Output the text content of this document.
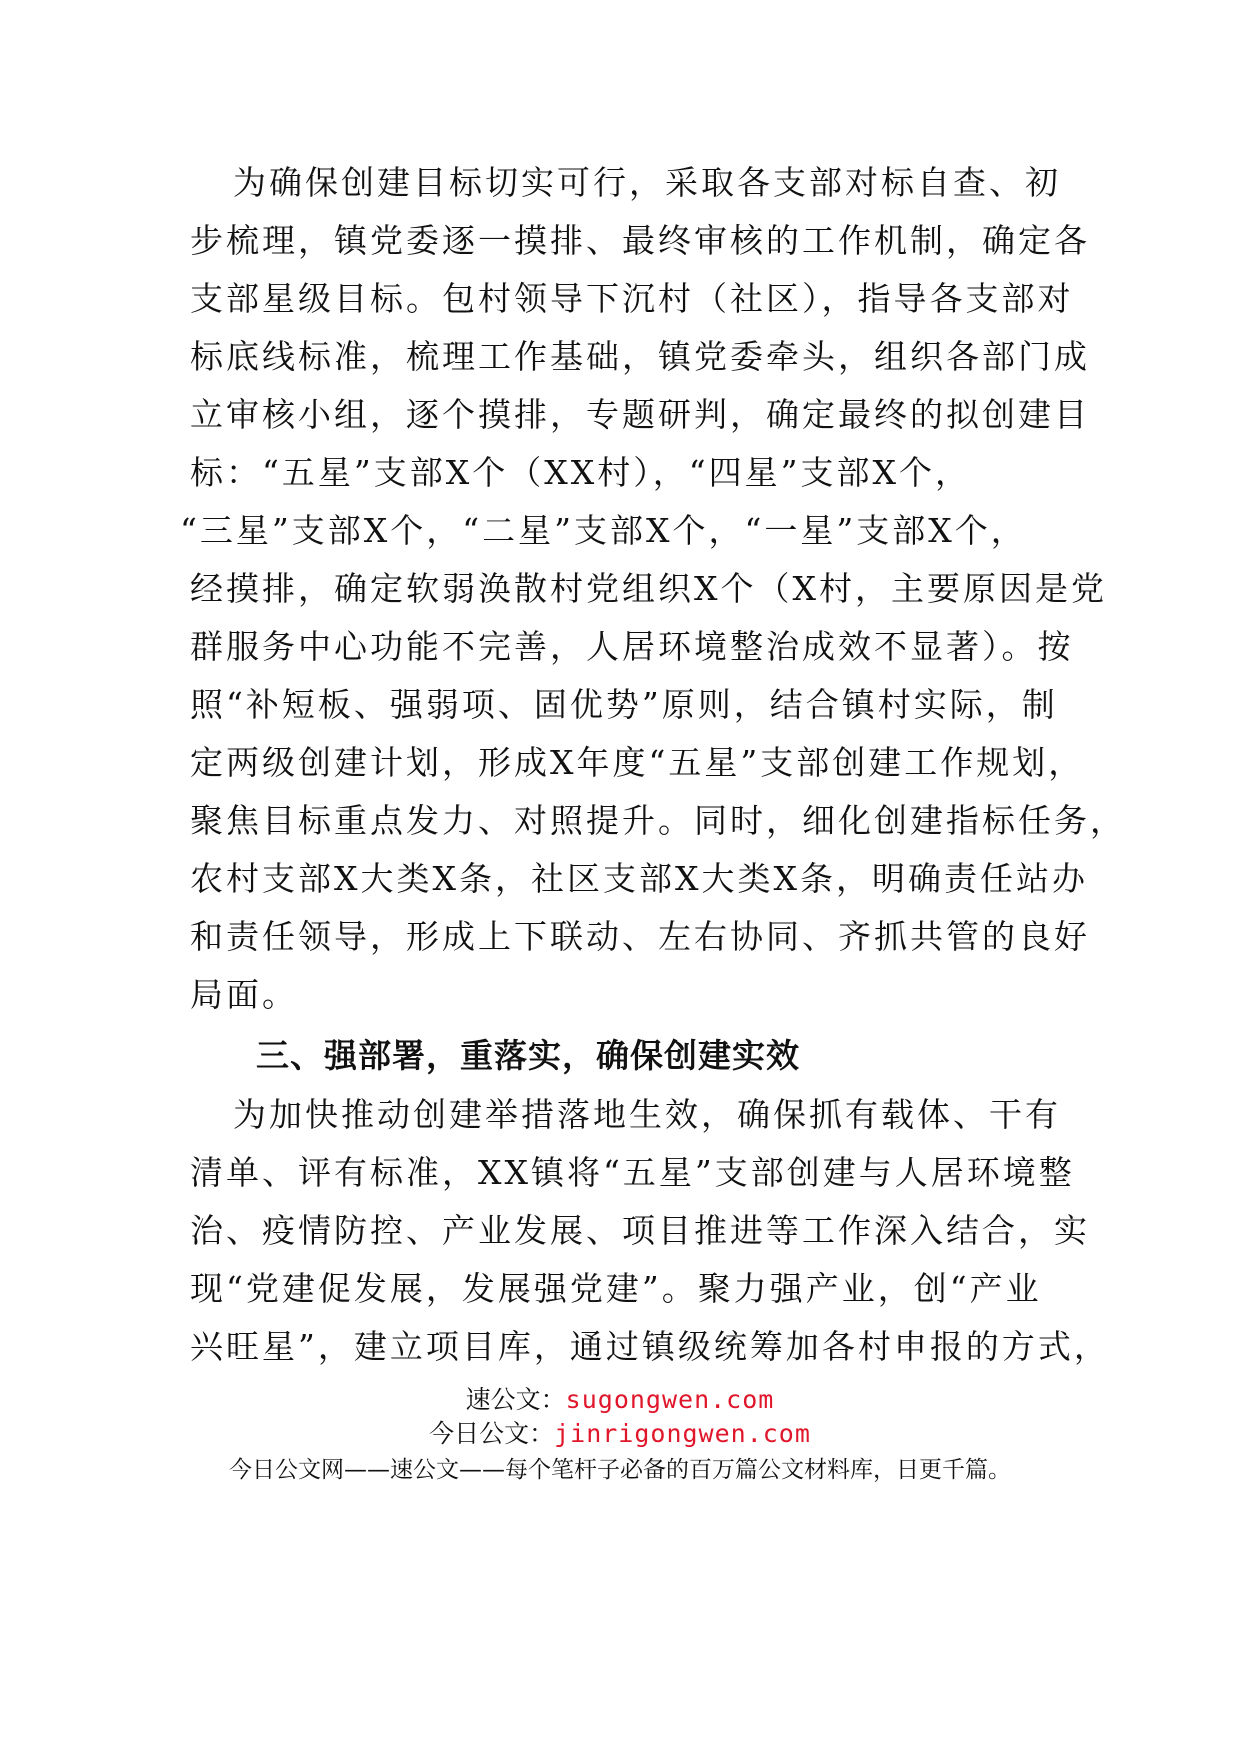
为确保创建目标切实可行，采取各支部对标自查、初
步梳理，镇党委逐一摸排、最终审核的工作机制，确定各
支部星级目标。包村领导下沉村（社区），指导各支部对
标底线标准，梳理工作基础，镇党委牵头，组织各部门成
立审核小组，逐个摸排，专题研判，确定最终的拟创建目
标：“五星”支部X个（XX村），“四星”支部X个，
“三星”支部X个，“二星”支部X个，“一星”支部X个，
经摸排，确定软弱涣散村党组织X个（X村，主要原因是党
群服务中心功能不完善，人居环境整治成效不显著）。按
照“补短板、强弱项、固优势”原则，结合镇村实际，制
定两级创建计划，形成X年度“五星”支部创建工作规划，
聚焦目标重点发力、对照提升。同时，细化创建指标任务，
农村支部X大类X条，社区支部X大类X条，明确责任站办
和责任领导，形成上下联动、左右协同、齐抓共管的良好
局面。
三、强部署，重落实，确保创建实效
为加快推动创建举措落地生效，确保抓有载体、干有
清单、评有标准，XX镇将“五星”支部创建与人居环境整
治、疫情防控、产业发展、项目推进等工作深入结合，实
现“党建促发展，发展强党建”。聚力强产业，创“产业
兴旺星”，建立项目库，通过镇级统筹加各村申报的方式，
速公文：sugongwen.com
今日公文：jinrigongwen.com
今日公文网——速公文——每个笔杆子必备的百万篇公文材料库，日更千篇。
